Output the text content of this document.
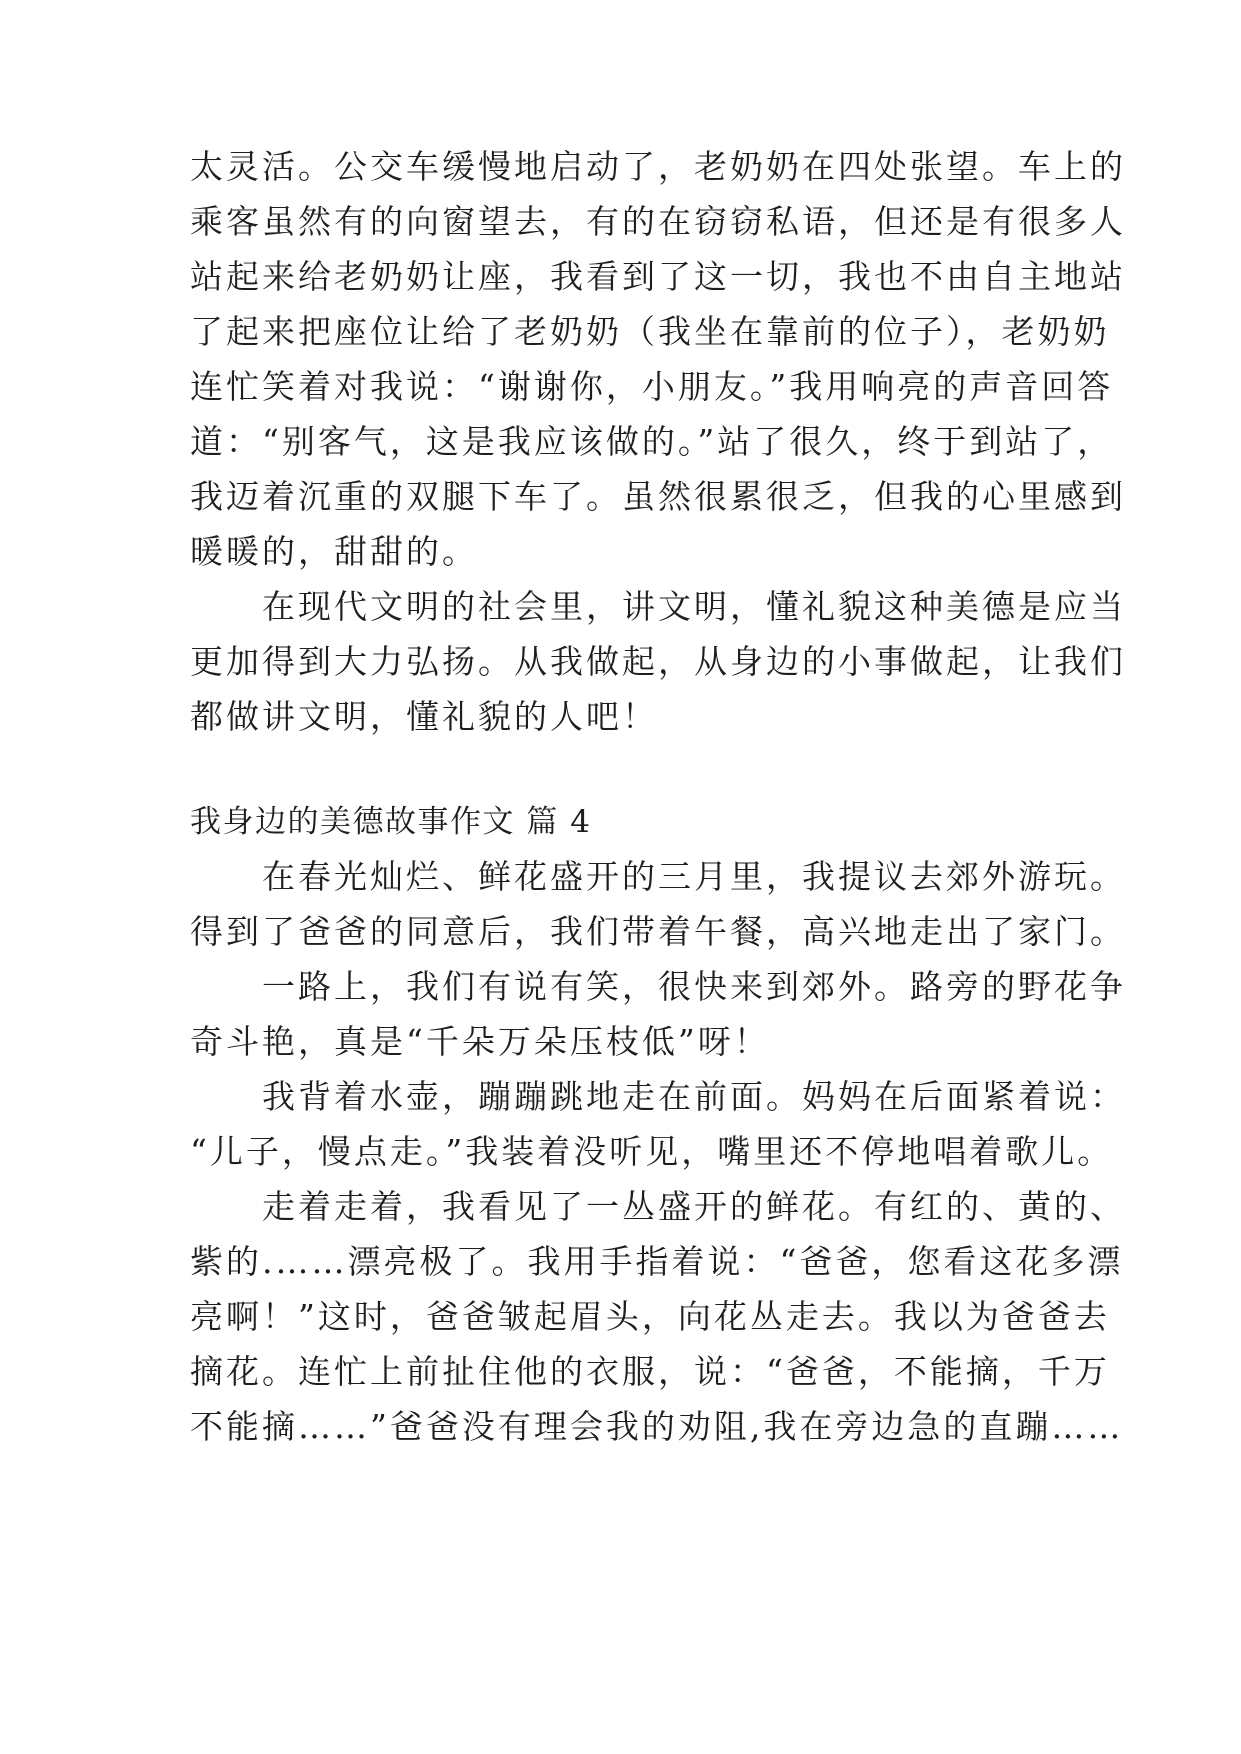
太灵活。公交车缓慢地启动了，老奶奶在四处张望。车上的
乘客虽然有的向窗望去，有的在窃窃私语，但还是有很多人
站起来给老奶奶让座，我看到了这一切，我也不由自主地站
了起来把座位让给了老奶奶（我坐在靠前的位子），老奶奶
连忙笑着对我说：“谢谢你，小朋友。”我用响亮的声音回答
道：“别客气，这是我应该做的。”站了很久，终于到站了，
我迈着沉重的双腿下车了。虽然很累很乏，但我的心里感到
暖暖的，甜甜的。
　　在现代文明的社会里，讲文明，懂礼貌这种美德是应当
更加得到大力弘扬。从我做起，从身边的小事做起，让我们
都做讲文明，懂礼貌的人吧！
我身边的美德故事作文 篇 4
　　在春光灿烂、鲜花盛开的三月里，我提议去郊外游玩。
得到了爸爸的同意后，我们带着午餐，高兴地走出了家门。
　　一路上，我们有说有笑，很快来到郊外。路旁的野花争
奇斗艳，真是“千朵万朵压枝低”呀！
　　我背着水壶，蹦蹦跳地走在前面。妈妈在后面紧着说：
“儿子，慢点走。”我装着没听见，嘴里还不停地唱着歌儿。
　　走着走着，我看见了一丛盛开的鲜花。有红的、黄的、
紫的.……漂亮极了。我用手指着说：“爸爸，您看这花多漂
亮啊！”这时，爸爸皱起眉头，向花丛走去。我以为爸爸去
摘花。连忙上前扯住他的衣服，说：“爸爸，不能摘，千万
不能摘……”爸爸没有理会我的劝阻,我在旁边急的直蹦……
